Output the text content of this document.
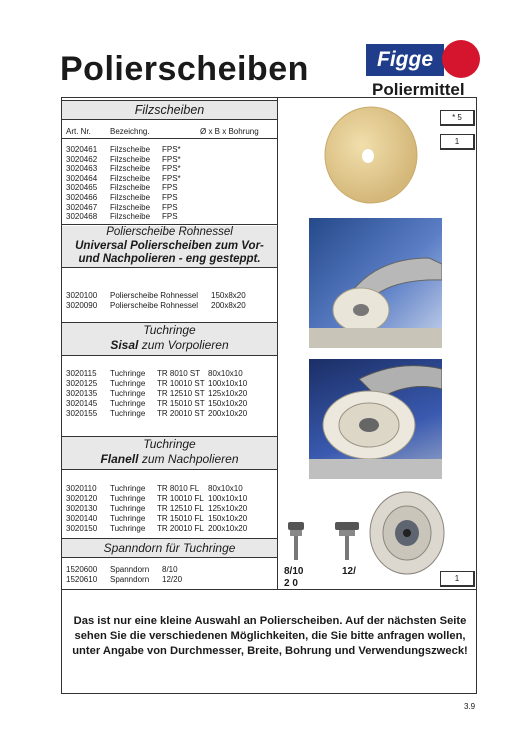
Polierscheiben	Figge
Poliermittel
Filzscheiben
Art. Nr. Bezeichng.	Ø x B x Bohrung
3020461 Filzscheibe FPS*
3020462 Filzscheibe FPS*
3020463 Filzscheibe FPS*
3020464 Filzscheibe FPS*
3020465 Filzscheibe FPS
3020466 Filzscheibe FPS
3020467 Filzscheibe FPS
3020468 Filzscheibe FPS
* 5
1
Polierscheibe Rohnessel
Universal Polierscheiben zum Vor-
und Nachpolieren - eng gesteppt.
3020100 Polierscheibe Rohnessel 150x8x20
3020090 Polierscheibe Rohnessel 200x8x20
Tuchringe
Sisal zum Vorpolieren
3020115 Tuchringe TR 8010 ST 80x10x10
3020125 Tuchringe TR 10010 ST 100x10x10
3020135 Tuchringe TR 12510 ST 125x10x20
3020145 Tuchringe TR 15010 ST 150x10x20
3020155 Tuchringe TR 20010 ST 200x10x20
Tuchringe
Flanell zum Nachpolieren
3020110 Tuchringe TR 8010 FL 80x10x10
3020120 Tuchringe TR 10010 FL 100x10x10
3020130 Tuchringe TR 12510 FL 125x10x20
3020140 Tuchringe TR 15010 FL 150x10x20
3020150 Tuchringe TR 20010 FL 200x10x20
Spanndorn für Tuchringe
1520600 Spanndorn 8/10
1520610 Spanndorn 12/20
8/10	12/
2 0	1
Das ist nur eine kleine Auswahl an Polierscheiben. Auf der nächsten Seite sehen Sie die verschiedenen Möglichkeiten, die Sie bitte anfragen wollen, unter Angabe von Durchmesser, Breite, Bohrung und Verwendungszweck!
3.9
